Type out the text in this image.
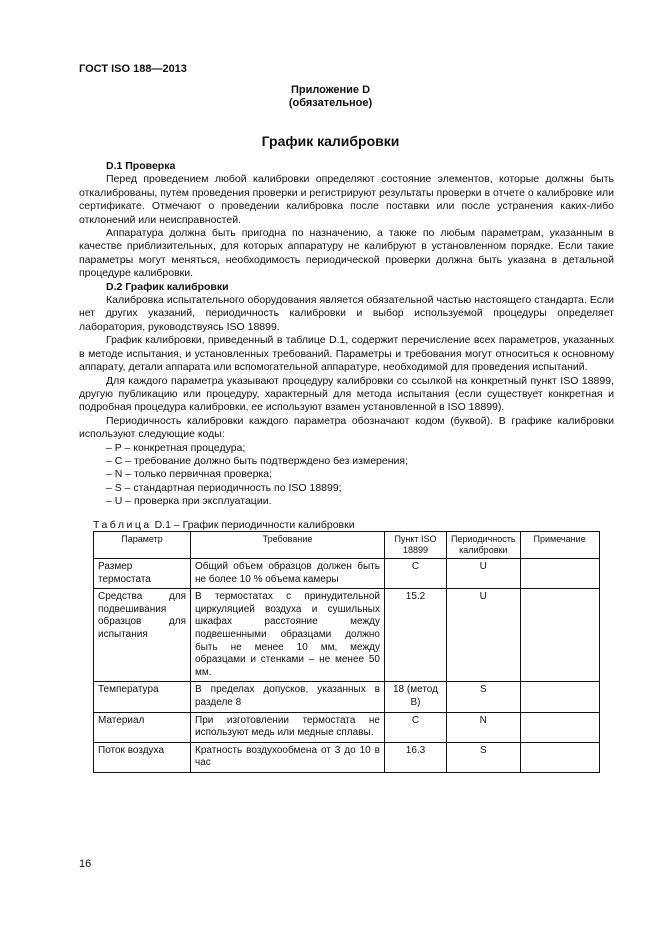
ГОСТ ISO 188—2013
Приложение D
(обязательное)
График калибровки
D.1 Проверка

Перед проведением любой калибровки определяют состояние элементов, которые должны быть откалиброваны, путем проведения проверки и регистрируют результаты проверки в отчете о калибровке или сертификате. Отмечают о проведении калибровка после поставки или после устранения каких-либо отклонений или неисправностей.

Аппаратура должна быть пригодна по назначению, а также по любым параметрам, указанным в качестве приблизительных, для которых аппаратуру не калибруют в установленном порядке. Если такие параметры могут меняться, необходимость периодической проверки должна быть указана в детальной процедуре калибровки.

D.2 График калибровки

Калибровка испытательного оборудования является обязательной частью настоящего стандарта. Если нет других указаний, периодичность калибровки и выбор используемой процедуры определяет лаборатория, руководствуясь ISO 18899.

График калибровки, приведенный в таблице D.1, содержит перечисление всех параметров, указанных в методе испытания, и установленных требований. Параметры и требования могут относиться к основному аппарату, детали аппарата или вспомогательной аппаратуре, необходимой для проведения испытаний.

Для каждого параметра указывают процедуру калибровки со ссылкой на конкретный пункт ISO 18899, другую публикацию или процедуру, характерный для метода испытания (если существует конкретная и подробная процедура калибровки, ее используют взамен установленной в ISO 18899).

Периодичность калибровки каждого параметра обозначают кодом (буквой). В графике калибровки используют следующие коды:

– P – конкретная процедура;
– C – требование должно быть подтверждено без измерения;
– N – только первичная проверка;
– S – стандартная периодичность по ISO 18899;
– U – проверка при эксплуатации.
Таблица D.1 – График периодичности калибровки
Параметр	Требование	Пункт ISO 18899	Периодичность калибровки	Примечание
Размер термостата	Общий объем образцов должен быть не более 10 % объема камеры	C	U	
Средства для подвешивания образцов для испытания	В термостатах с принудительной циркуляцией воздуха и сушильных шкафах расстояние между подвешенными образцами должно быть не менее 10 мм, между образцами и стенками – не менее 50 мм.	15.2	U	
Температура	В пределах допусков, указанных в разделе 8	18 (метод B)	S	
Материал	При изготовлении термостата не используют медь или медные сплавы.	C	N	
Поток воздуха	Кратность воздухообмена от 3 до 10 в час	16.3	S	
16
